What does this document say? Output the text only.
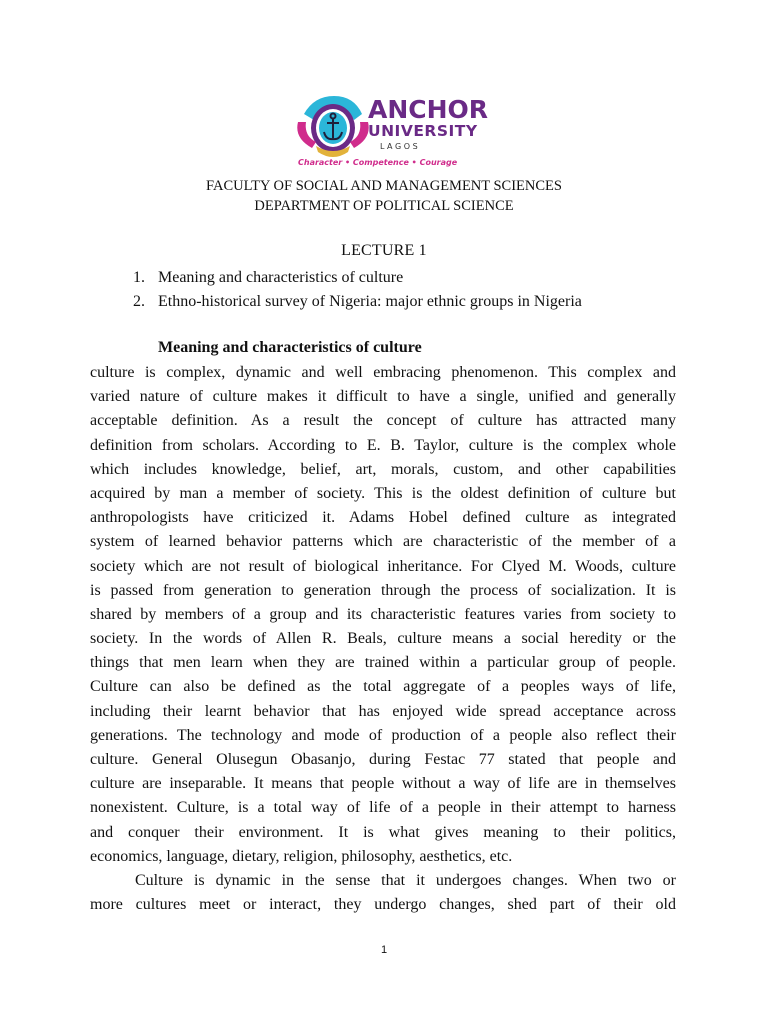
ANCHOR
UNIVERSITY
L A G O S
Character • Competence • Courage
FACULTY OF SOCIAL AND MANAGEMENT SCIENCES
DEPARTMENT OF POLITICAL SCIENCE
LECTURE 1
1. Meaning and characteristics of culture
2. Ethno-historical survey of Nigeria: major ethnic groups in Nigeria
Meaning and characteristics of culture
culture is complex, dynamic and well embracing phenomenon. This complex and
varied nature of culture makes it difficult to have a single, unified and generally
acceptable definition. As a result the concept of culture has attracted many
definition from scholars. According to E. B. Taylor, culture is the complex whole
which includes knowledge, belief, art, morals, custom, and other capabilities
acquired by man a member of society. This is the oldest definition of culture but
anthropologists have criticized it. Adams Hobel defined culture as integrated
system of learned behavior patterns which are characteristic of the member of a
society which are not result of biological inheritance. For Clyed M. Woods, culture
is passed from generation to generation through the process of socialization. It is
shared by members of a group and its characteristic features varies from society to
society. In the words of Allen R. Beals, culture means a social heredity or the
things that men learn when they are trained within a particular group of people.
Culture can also be defined as the total aggregate of a peoples ways of life,
including their learnt behavior that has enjoyed wide spread acceptance across
generations. The technology and mode of production of a people also reflect their
culture. General Olusegun Obasanjo, during Festac 77 stated that people and
culture are inseparable. It means that people without a way of life are in themselves
nonexistent. Culture, is a total way of life of a people in their attempt to harness
and conquer their environment. It is what gives meaning to their politics,
economics, language, dietary, religion, philosophy, aesthetics, etc.
Culture is dynamic in the sense that it undergoes changes. When two or
more cultures meet or interact, they undergo changes, shed part of their old
1
